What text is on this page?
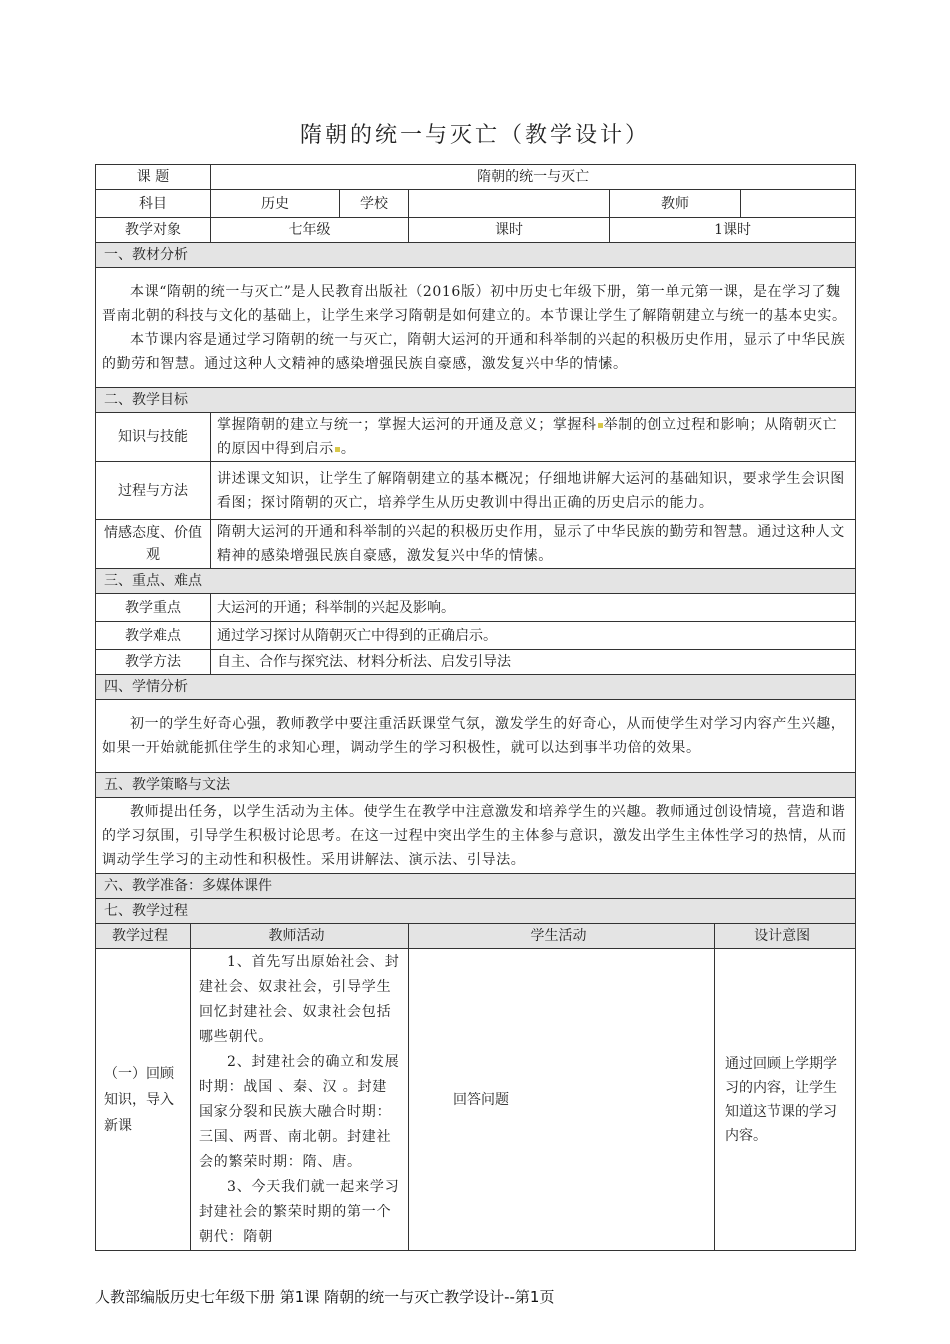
隋朝的统一与灭亡（教学设计）
课 题		隋朝的统一与灭亡					
科目		历史	学校		教师		
教学对象		七年级		课时	1课时		
一、教材分析							

本课“隋朝的统一与灭亡”是人民教育出版社（2016版）初中历史七年级下册，第一单元第一课，是在学习了魏晋南北朝的科技与文化的基础上，让学生来学习隋朝是如何建立的。本节课让学生了解隋朝建立与统一的基本史实。
本节课内容是通过学习隋朝的统一与灭亡，隋朝大运河的开通和科举制的兴起的积极历史作用，显示了中华民族的勤劳和智慧。通过这种人文精神的感染增强民族自豪感，激发复兴中华的情愫。							

二、教学目标							
知识与技能		掌握隋朝的建立与统一；掌握大运河的开通及意义；掌握科 举制的创立过程和影响；从隋朝灭亡的原因中得到启示 。					
过程与方法		讲述课文知识，让学生了解隋朝建立的基本概况；仔细地讲解大运河的基础知识，要求学生会识图看图；探讨隋朝的灭亡，培养学生从历史教训中得出正确的历史启示的能力。					
情感态度、价值观		隋朝大运河的开通和科举制的兴起的积极历史作用，显示了中华民族的勤劳和智慧。通过这种人文精神的感染增强民族自豪感，激发复兴中华的情愫。					
三、重点、难点							
教学重点		大运河的开通；科举制的兴起及影响。					
教学难点		通过学习探讨从隋朝灭亡中得到的正确启示。					
教学方法		自主、合作与探究法、材料分析法、启发引导法					
四、学情分析							

初一的学生好奇心强，教师教学中要注重活跃课堂气氛，激发学生的好奇心，从而使学生对学习内容产生兴趣，如果一开始就能抓住学生的求知心理，调动学生的学习积极性，就可以达到事半功倍的效果。							

五、教学策略与文法							

教师提出任务，以学生活动为主体。使学生在教学中注意激发和培养学生的兴趣。教师通过创设情境，营造和谐的学习氛围，引导学生积极讨论思考。在这一过程中突出学生的主体参与意识，激发出学生主体性学习的热情，从而调动学生学习的主动性和积极性。采用讲解法、演示法、引导法。							

六、教学准备：多媒体课件							
七、教学过程							
教学过程	教师活动			学生活动		设计意图	
（一）回顾知识，导入新课	1、首先写出原始社会、封建社会、奴隶社会，引导学生回忆封建社会、奴隶社会包括哪些朝代。
2、封建社会的确立和发展时期：战国 、秦、汉 。封建国家分裂和民族大融合时期：三国、两晋、南北朝。封建社会的繁荣时期：隋、唐。
3、今天我们就一起来学习封建社会的繁荣时期的第一个朝代：隋朝			回答问题		通过回顾上学期学习的内容，让学生知道这节课的学习内容。	
人教部编版历史七年级下册 第1课 隋朝的统一与灭亡教学设计--第1页
